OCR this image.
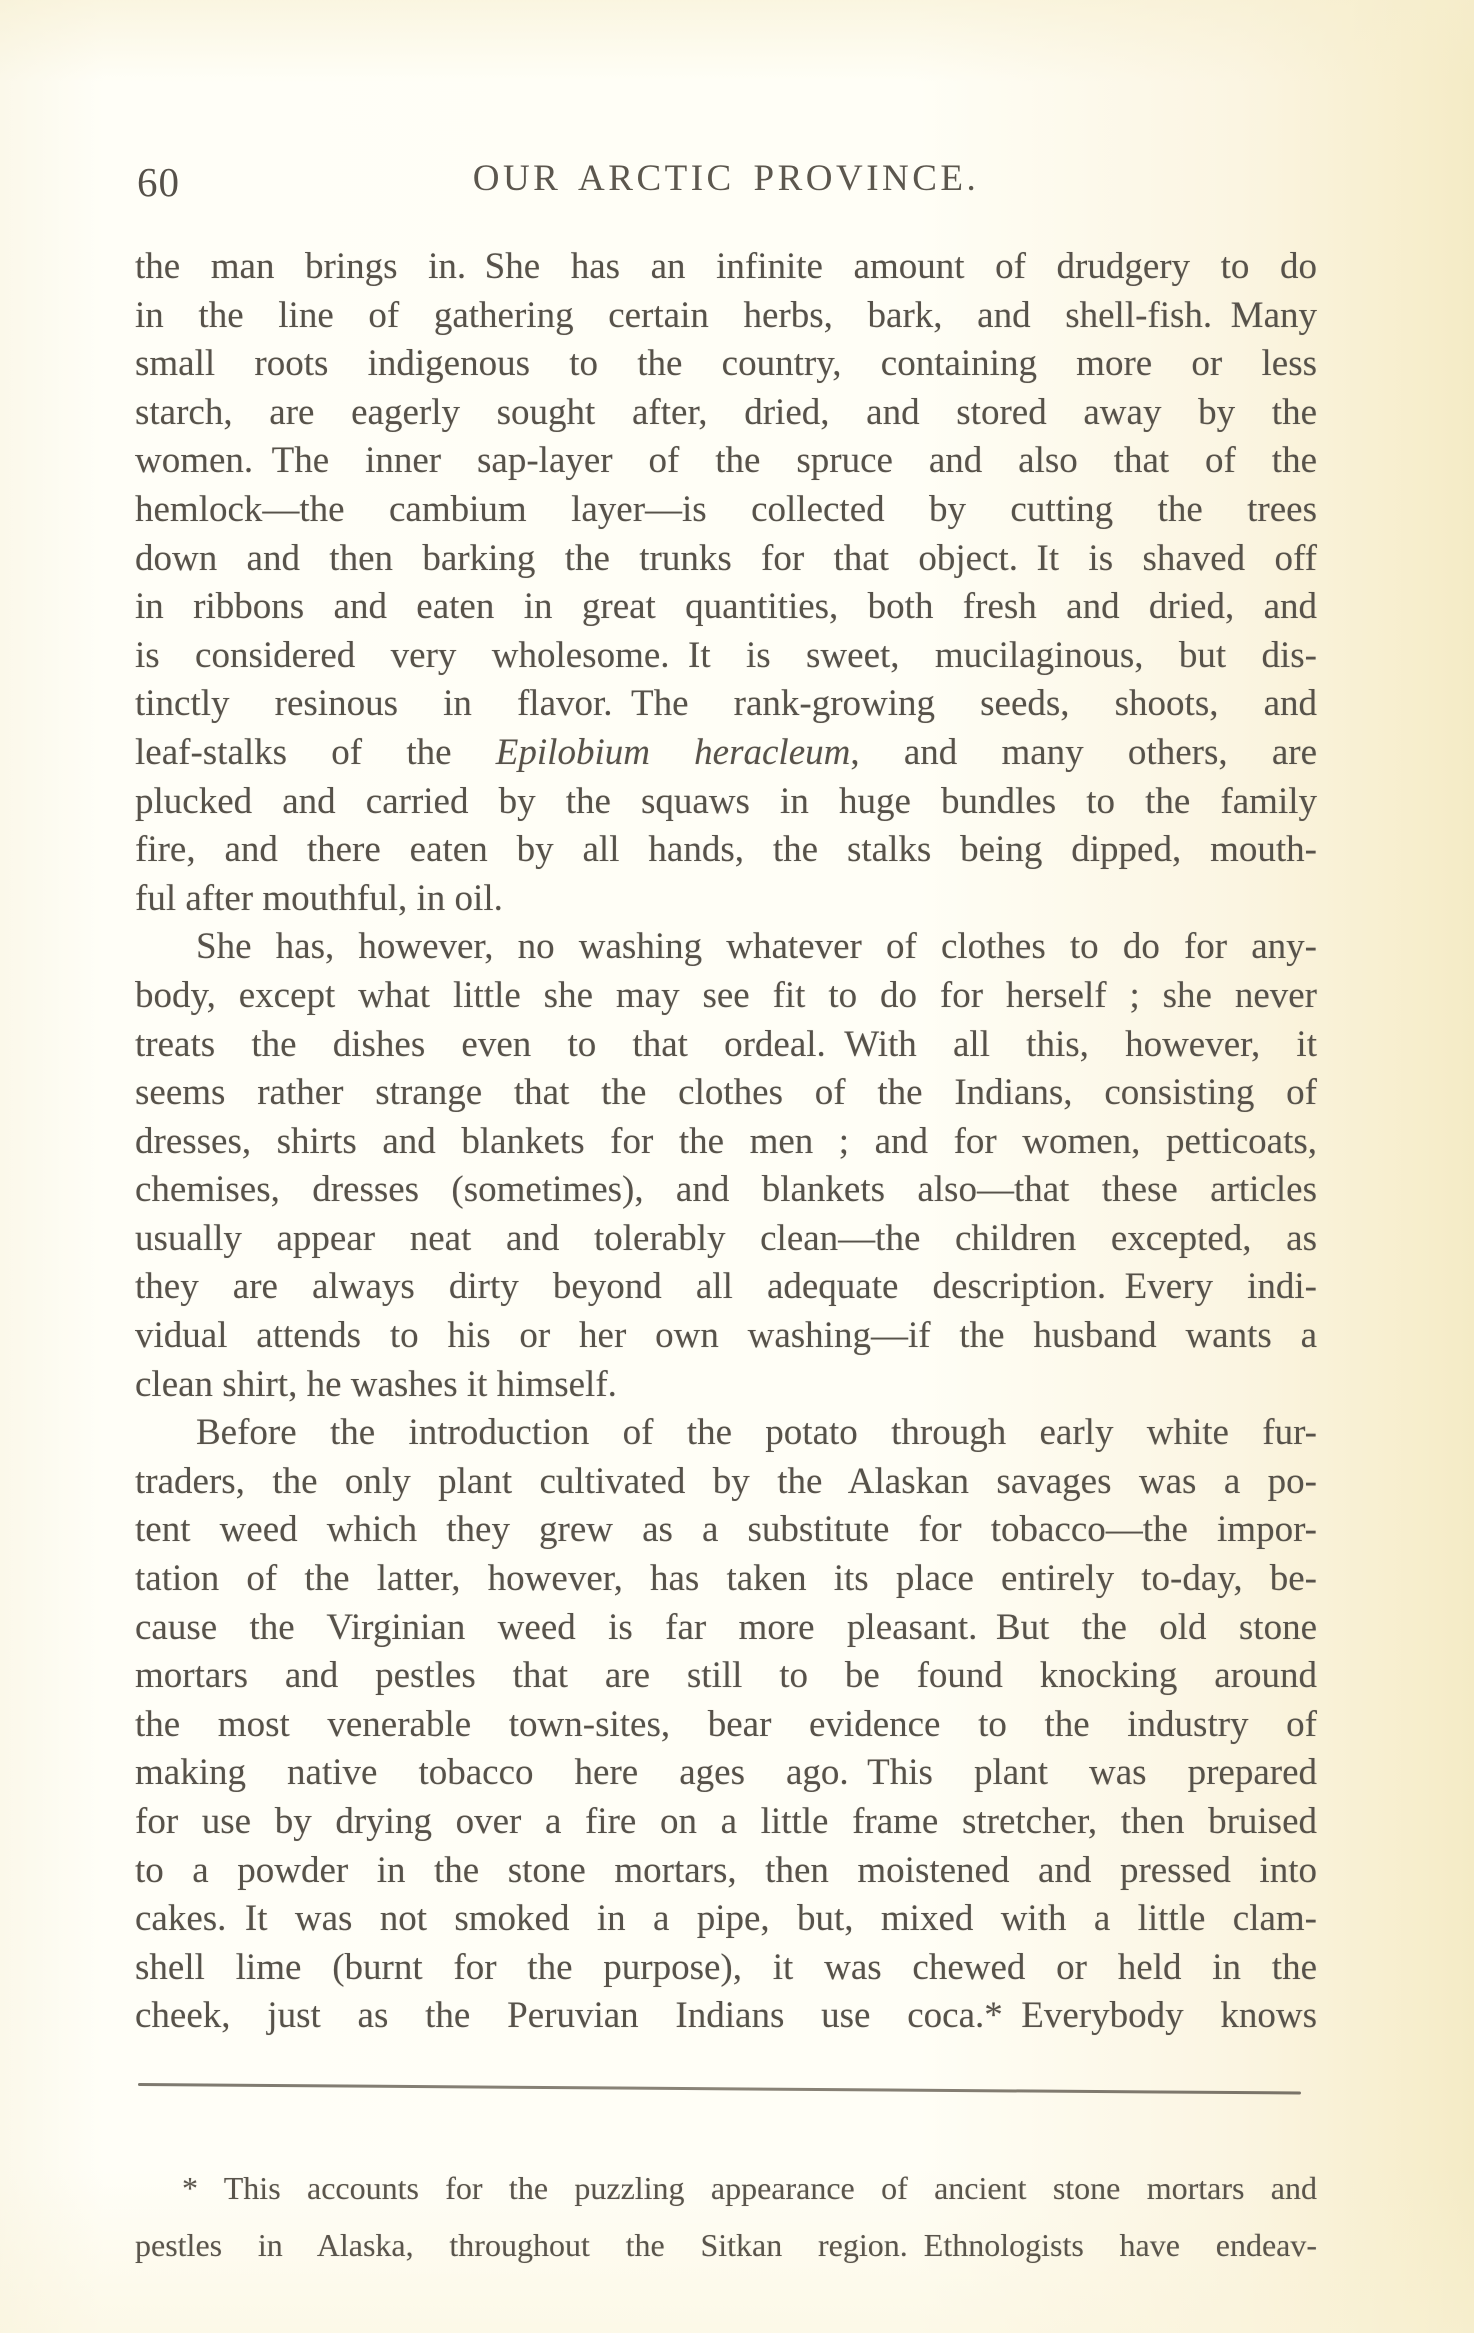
60	OUR ARCTIC PROVINCE.
the man brings in. She has an infinite amount of drudgery to do
in the line of gathering certain herbs, bark, and shell-fish. Many
small roots indigenous to the country, containing more or less
starch, are eagerly sought after, dried, and stored away by the
women. The inner sap-layer of the spruce and also that of the
hemlock—the cambium layer—is collected by cutting the trees
down and then barking the trunks for that object. It is shaved off
in ribbons and eaten in great quantities, both fresh and dried, and
is considered very wholesome. It is sweet, mucilaginous, but dis-
tinctly resinous in flavor. The rank-growing seeds, shoots, and
leaf-stalks of the Epilobium heracleum, and many others, are
plucked and carried by the squaws in huge bundles to the family
fire, and there eaten by all hands, the stalks being dipped, mouth-
ful after mouthful, in oil.
She has, however, no washing whatever of clothes to do for any-
body, except what little she may see fit to do for herself ; she never
treats the dishes even to that ordeal. With all this, however, it
seems rather strange that the clothes of the Indians, consisting of
dresses, shirts and blankets for the men ; and for women, petticoats,
chemises, dresses (sometimes), and blankets also—that these articles
usually appear neat and tolerably clean—the children excepted, as
they are always dirty beyond all adequate description. Every indi-
vidual attends to his or her own washing—if the husband wants a
clean shirt, he washes it himself.
Before the introduction of the potato through early white fur-
traders, the only plant cultivated by the Alaskan savages was a po-
tent weed which they grew as a substitute for tobacco—the impor-
tation of the latter, however, has taken its place entirely to-day, be-
cause the Virginian weed is far more pleasant. But the old stone
mortars and pestles that are still to be found knocking around
the most venerable town-sites, bear evidence to the industry of
making native tobacco here ages ago. This plant was prepared
for use by drying over a fire on a little frame stretcher, then bruised
to a powder in the stone mortars, then moistened and pressed into
cakes. It was not smoked in a pipe, but, mixed with a little clam-
shell lime (burnt for the purpose), it was chewed or held in the
cheek, just as the Peruvian Indians use coca.* Everybody knows
* This accounts for the puzzling appearance of ancient stone mortars and
pestles in Alaska, throughout the Sitkan region. Ethnologists have endeav-
